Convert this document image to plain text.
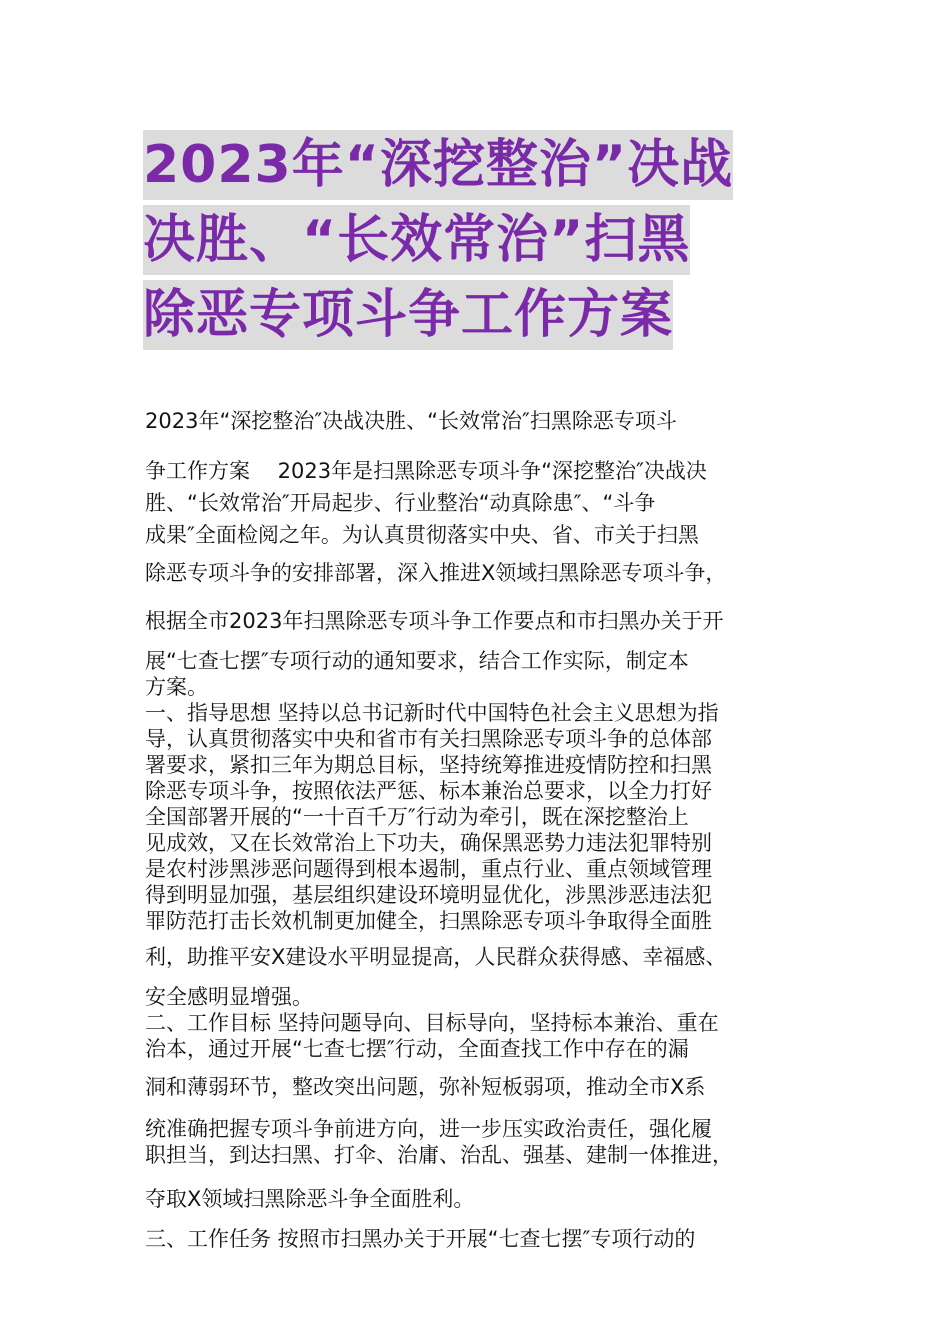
2023年“深挖整治”决战
决胜、“长效常治”扫黑
除恶专项斗争工作方案
2023年“深挖整治″决战决胜、“长效常治″扫黑除恶专项斗
争工作方案　 2023年是扫黑除恶专项斗争“深挖整治″决战决
胜、“长效常治″开局起步、行业整治“动真除患″、“斗争
成果″全面检阅之年。为认真贯彻落实中央、省、市关于扫黑
除恶专项斗争的安排部署，深入推进X领域扫黑除恶专项斗争，
根据全市2023年扫黑除恶专项斗争工作要点和市扫黑办关于开
展“七查七摆″专项行动的通知要求，结合工作实际，制定本
方案。
一、指导思想 坚持以总书记新时代中国特色社会主义思想为指
导，认真贯彻落实中央和省市有关扫黑除恶专项斗争的总体部
署要求，紧扣三年为期总目标，坚持统筹推进疫情防控和扫黑
除恶专项斗争，按照依法严惩、标本兼治总要求，以全力打好
全国部署开展的“一十百千万″行动为牵引，既在深挖整治上
见成效，又在长效常治上下功夫，确保黑恶势力违法犯罪特别
是农村涉黑涉恶问题得到根本遏制，重点行业、重点领域管理
得到明显加强，基层组织建设环境明显优化，涉黑涉恶违法犯
罪防范打击长效机制更加健全，扫黑除恶专项斗争取得全面胜
利，助推平安X建设水平明显提高，人民群众获得感、幸福感、
安全感明显增强。
二、工作目标 坚持问题导向、目标导向，坚持标本兼治、重在
治本，通过开展“七查七摆″行动，全面查找工作中存在的漏
洞和薄弱环节，整改突出问题，弥补短板弱项，推动全市X系
统准确把握专项斗争前进方向，进一步压实政治责任，强化履
职担当，到达扫黑、打伞、治庸、治乱、强基、建制一体推进，
夺取X领域扫黑除恶斗争全面胜利。
三、工作任务 按照市扫黑办关于开展“七查七摆″专项行动的
